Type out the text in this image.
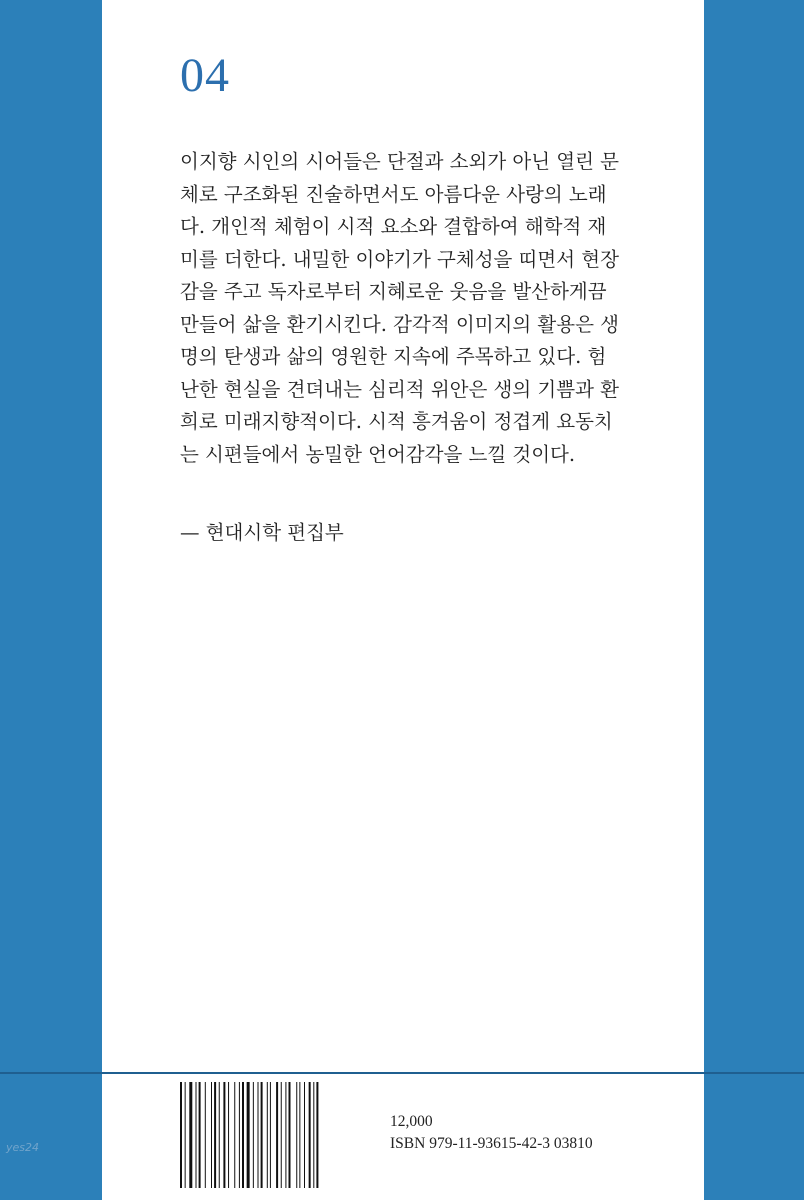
04
이지향 시인의 시어들은 단절과 소외가 아닌 열린 문
체로 구조화된 진술하면서도 아름다운 사랑의 노래
다. 개인적 체험이 시적 요소와 결합하여 해학적 재
미를 더한다. 내밀한 이야기가 구체성을 띠면서 현장
감을 주고 독자로부터 지혜로운 웃음을 발산하게끔
만들어 삶을 환기시킨다. 감각적 이미지의 활용은 생
명의 탄생과 삶의 영원한 지속에 주목하고 있다. 험
난한 현실을 견뎌내는 심리적 위안은 생의 기쁨과 환
희로 미래지향적이다. 시적 흥겨움이 정겹게 요동치
는 시편들에서 농밀한 언어감각을 느낄 것이다.
— 현대시학 편집부
12,000
ISBN 979-11-93615-42-3 03810
yes24
